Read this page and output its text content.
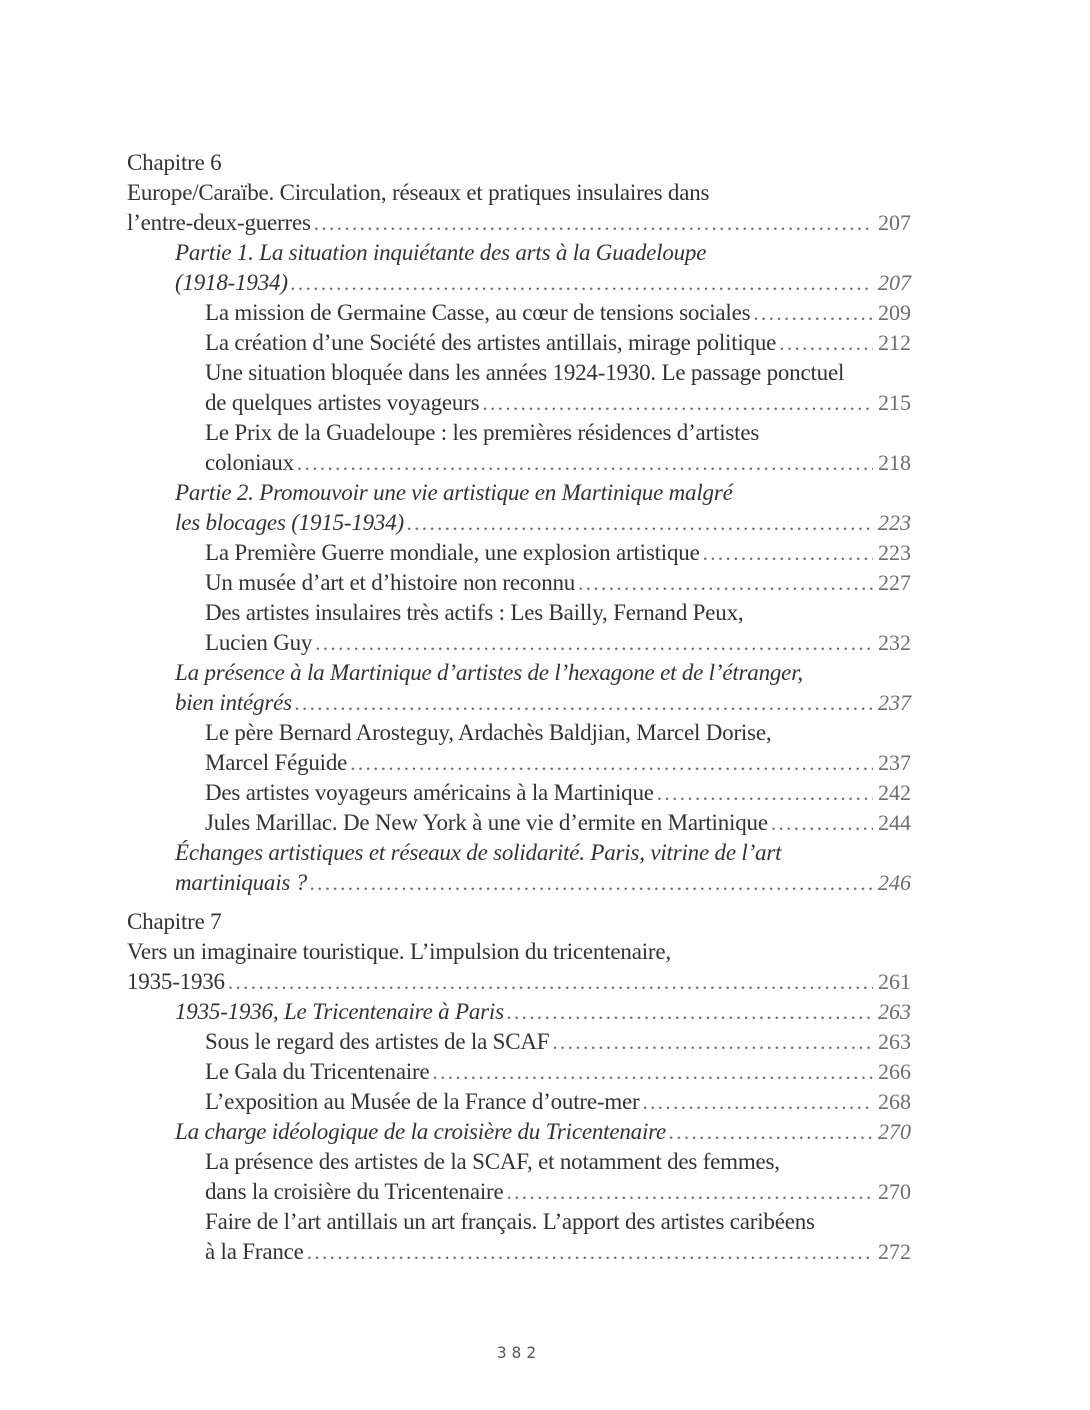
Chapitre 6
Europe/Caraïbe. Circulation, réseaux et pratiques insulaires dans
l’entre-deux-guerres .....	207
Partie 1. La situation inquiétante des arts à la Guadeloupe
(1918-1934) .....	207
La mission de Germaine Casse, au cœur de tensions sociales .....	209
La création d’une Société des artistes antillais, mirage politique .....	212
Une situation bloquée dans les années 1924-1930. Le passage ponctuel
de quelques artistes voyageurs .....	215
Le Prix de la Guadeloupe : les premières résidences d’artistes
coloniaux .....	218
Partie 2. Promouvoir une vie artistique en Martinique malgré
les blocages (1915-1934) .....	223
La Première Guerre mondiale, une explosion artistique .....	223
Un musée d’art et d’histoire non reconnu .....	227
Des artistes insulaires très actifs : Les Bailly, Fernand Peux,
Lucien Guy .....	232
La présence à la Martinique d’artistes de l’hexagone et de l’étranger,
bien intégrés .....	237
Le père Bernard Arosteguy, Ardachès Baldjian, Marcel Dorise,
Marcel Féguide .....	237
Des artistes voyageurs américains à la Martinique .....	242
Jules Marillac. De New York à une vie d’ermite en Martinique .....	244
Échanges artistiques et réseaux de solidarité. Paris, vitrine de l’art
martiniquais ? .....	246
Chapitre 7
Vers un imaginaire touristique. L’impulsion du tricentenaire,
1935-1936 .....	261
1935-1936, Le Tricentenaire à Paris .....	263
Sous le regard des artistes de la SCAF .....	263
Le Gala du Tricentenaire .....	266
L’exposition au Musée de la France d’outre-mer .....	268
La charge idéologique de la croisière du Tricentenaire .....	270
La présence des artistes de la SCAF, et notamment des femmes,
dans la croisière du Tricentenaire .....	270
Faire de l’art antillais un art français. L’apport des artistes caribéens
à la France .....	272
382
